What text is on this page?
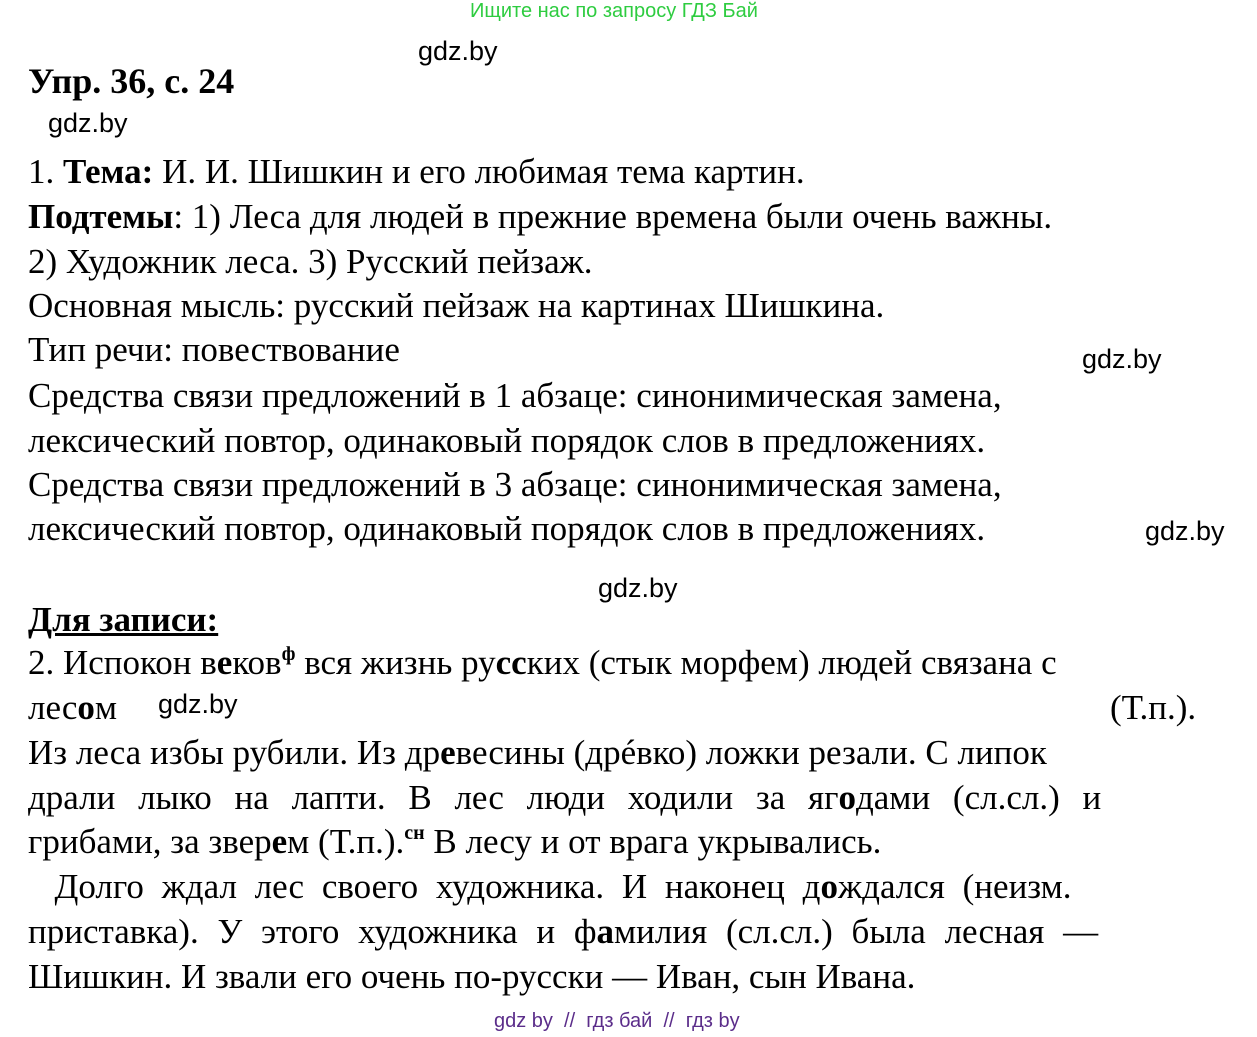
Ищите нас по запросу ГДЗ Бай
gdz.by
gdz.by
gdz.by
gdz.by
gdz.by
gdz.by
Упр. 36, с. 24
1. Тема: И. И. Шишкин и его любимая тема картин.
Подтемы: 1) Леса для людей в прежние времена были очень важны.
2) Художник леса. 3) Русский пейзаж.
Основная мысль: русский пейзаж на картинах Шишкина.
Тип речи: повествование
Средства связи предложений в 1 абзаце: синонимическая замена,
лексический повтор, одинаковый порядок слов в предложениях.
Средства связи предложений в 3 абзаце: синонимическая замена,
лексический повтор, одинаковый порядок слов в предложениях.
Для записи:
2. Испокон веков$^ф$ вся жизнь русских (стык морфем) людей связана с
лесом	(Т.п.).
Из леса избы рубили. Из древесины (дрéвко) ложки резали. С липок
драли лыко на лапти. В лес люди ходили за ягодами (сл.сл.) и
грибами, за зверем (Т.п.).$^{сн}$ В лесу и от врага укрывались.
Долго ждал лес своего художника. И наконец дождался (неизм.
приставка). У этого художника и фамилия (сл.сл.) была лесная —
Шишкин. И звали его очень по-русски — Иван, сын Ивана.
gdz by  //  гдз бай  //  гдз by
